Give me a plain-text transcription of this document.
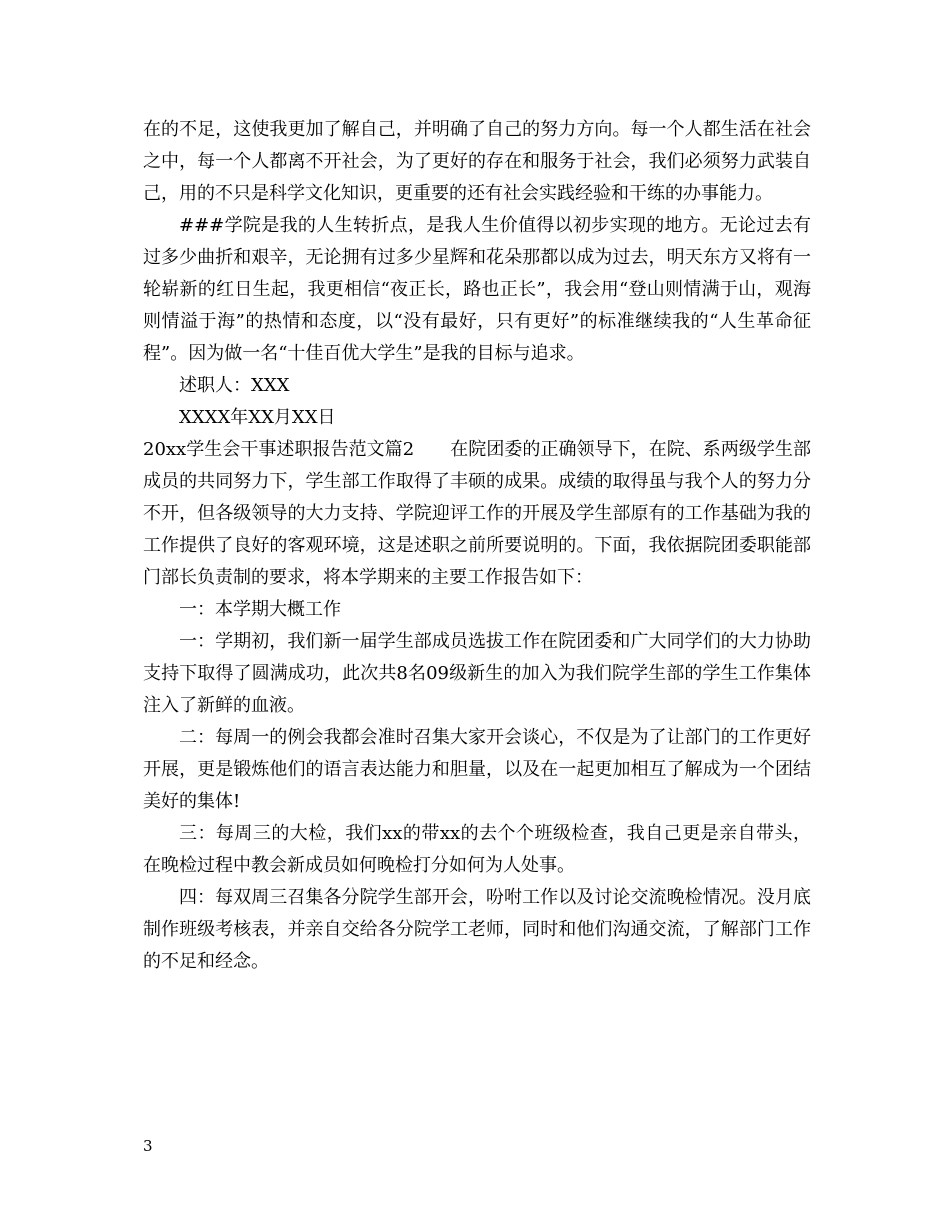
在的不足，这使我更加了解自己，并明确了自己的努力方向。每一个人都生活在社会之中，每一个人都离不开社会，为了更好的存在和服务于社会，我们必须努力武装自己，用的不只是科学文化知识，更重要的还有社会实践经验和干练的办事能力。

###学院是我的人生转折点，是我人生价值得以初步实现的地方。无论过去有过多少曲折和艰辛，无论拥有过多少星辉和花朵那都以成为过去，明天东方又将有一轮崭新的红日生起，我更相信“夜正长，路也正长”，我会用“登山则情满于山，观海则情溢于海”的热情和态度，以“没有最好，只有更好”的标准继续我的“人生革命征程”。因为做一名“十佳百优大学生”是我的目标与追求。

述职人：XXX

XXXX年XX月XX日

20xx学生会干事述职报告范文篇2　　在院团委的正确领导下，在院、系两级学生部成员的共同努力下，学生部工作取得了丰硕的成果。成绩的取得虽与我个人的努力分不开，但各级领导的大力支持、学院迎评工作的开展及学生部原有的工作基础为我的工作提供了良好的客观环境，这是述职之前所要说明的。下面，我依据院团委职能部门部长负责制的要求，将本学期来的主要工作报告如下：

一：本学期大概工作

一：学期初，我们新一届学生部成员选拔工作在院团委和广大同学们的大力协助支持下取得了圆满成功，此次共8名09级新生的加入为我们院学生部的学生工作集体注入了新鲜的血液。

二：每周一的例会我都会准时召集大家开会谈心，不仅是为了让部门的工作更好开展，更是锻炼他们的语言表达能力和胆量，以及在一起更加相互了解成为一个团结美好的集体!

三：每周三的大检，我们xx的带xx的去个个班级检查，我自己更是亲自带头，在晚检过程中教会新成员如何晚检打分如何为人处事。

四：每双周三召集各分院学生部开会，吩咐工作以及讨论交流晚检情况。没月底制作班级考核表，并亲自交给各分院学工老师，同时和他们沟通交流，了解部门工作的不足和经念。

3
